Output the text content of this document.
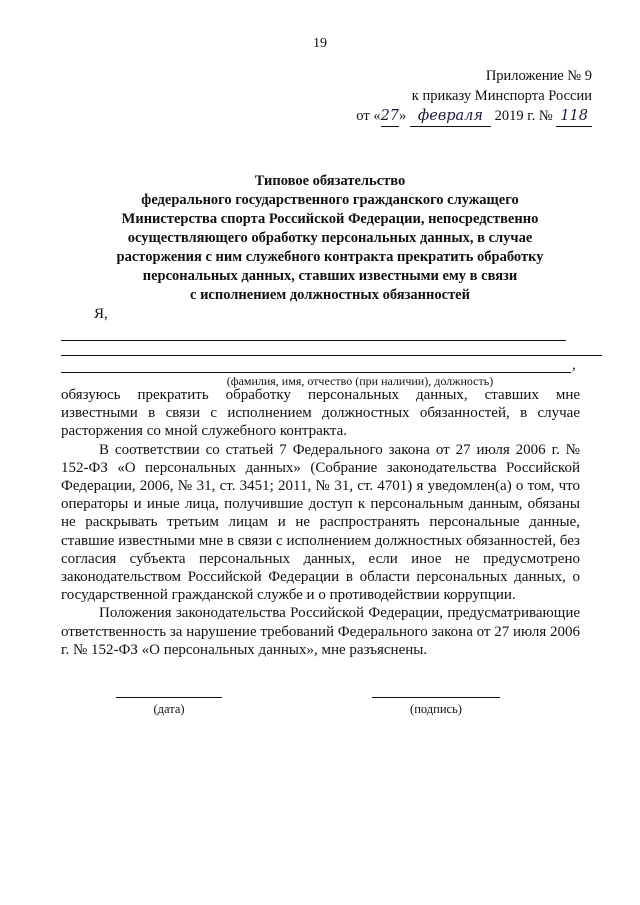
19
Приложение № 9
к приказу Минспорта России
от «27» февраля 2019 г. № 118
Типовое обязательство
федерального государственного гражданского служащего
Министерства спорта Российской Федерации, непосредственно
осуществляющего обработку персональных данных, в случае
расторжения с ним служебного контракта прекратить обработку
персональных данных, ставших известными ему в связи
с исполнением должностных обязанностей
Я,
,
(фамилия, имя, отчество (при наличии), должность)

обязуюсь прекратить обработку персональных данных, ставших мне известными в связи с исполнением должностных обязанностей, в случае расторжения со мной служебного контракта.

В соответствии со статьей 7 Федерального закона от 27 июля 2006 г. № 152-ФЗ «О персональных данных» (Собрание законодательства Российской Федерации, 2006, № 31, ст. 3451; 2011, № 31, ст. 4701) я уведомлен(а) о том, что операторы и иные лица, получившие доступ к персональным данным, обязаны не раскрывать третьим лицам и не распространять персональные данные, ставшие известными мне в связи с исполнением должностных обязанностей, без согласия субъекта персональных данных, если иное не предусмотрено законодательством Российской Федерации в области персональных данных, о государственной гражданской службе и о противодействии коррупции.

Положения законодательства Российской Федерации, предусматривающие ответственность за нарушение требований Федерального закона от 27 июля 2006 г. № 152-ФЗ «О персональных данных», мне разъяснены.

(дата)	(подпись)
